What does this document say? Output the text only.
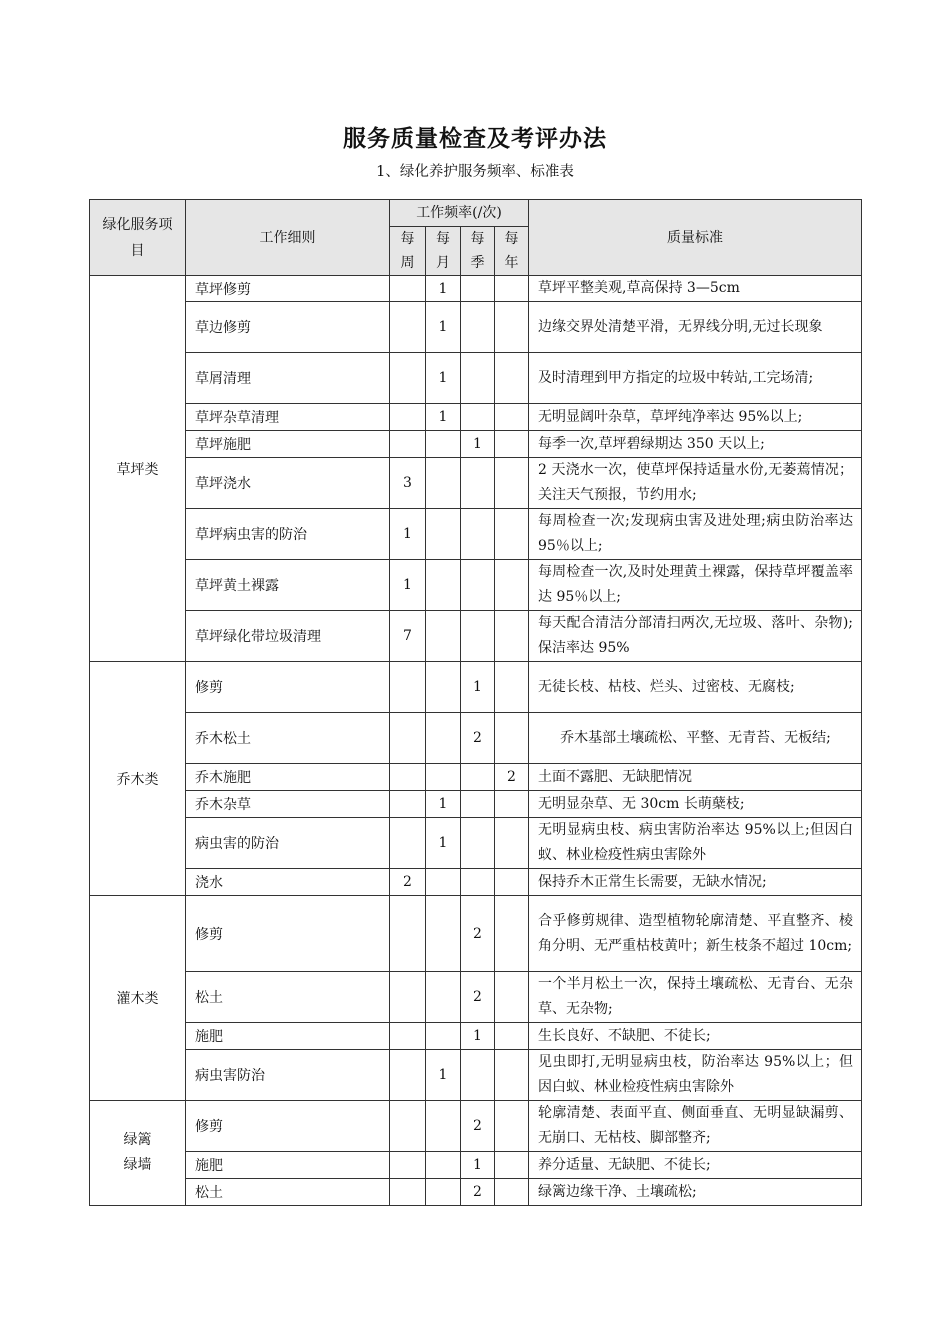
服务质量检查及考评办法
1、绿化养护服务频率、标准表
绿化服务项目	工作细则	工作频率(/次)				质量标准
		每周	每月	每季	每年	
草坪类	草坪修剪		1			草坪平整美观,草高保持 3—5cm
	草边修剪		1			边缘交界处清楚平滑，无界线分明,无过长现象
	草屑清理		1			及时清理到甲方指定的垃圾中转站,工完场清;
	草坪杂草清理		1			无明显阔叶杂草，草坪纯净率达 95%以上;
	草坪施肥			1		每季一次,草坪碧绿期达 350 天以上;
	草坪浇水	3				2 天浇水一次，使草坪保持适量水份,无萎蔫情况；关注天气预报，节约用水;
	草坪病虫害的防治	1				每周检查一次;发现病虫害及进处理;病虫防治率达 95％以上;
	草坪黄土裸露	1				每周检查一次,及时处理黄土裸露，保持草坪覆盖率达 95％以上;
	草坪绿化带垃圾清理	7				每天配合清洁分部清扫两次,无垃圾、落叶、杂物);保洁率达 95%
乔木类	修剪			1		无徒长枝、枯枝、烂头、过密枝、无腐枝;
	乔木松土			2		乔木基部土壤疏松、平整、无青苔、无板结;
	乔木施肥				2	土面不露肥、无缺肥情况
	乔木杂草		1			无明显杂草、无 30cm 长萌蘖枝;
	病虫害的防治		1			无明显病虫枝、病虫害防治率达 95%以上;但因白蚁、林业检疫性病虫害除外
	浇水	2				保持乔木正常生长需要，无缺水情况;
灌木类	修剪			2		合乎修剪规律、造型植物轮廓清楚、平直整齐、棱角分明、无严重枯枝黄叶；新生枝条不超过 10cm;
	松土			2		一个半月松土一次，保持土壤疏松、无青台、无杂草、无杂物;
	施肥			1		生长良好、不缺肥、不徒长;
	病虫害防治		1			见虫即打,无明显病虫枝，防治率达 95%以上；但因白蚁、林业检疫性病虫害除外

绿篱
绿墙	修剪			2		轮廓清楚、表面平直、侧面垂直、无明显缺漏剪、无崩口、无枯枝、脚部整齐;
	施肥			1		养分适量、无缺肥、不徒长;
	松土			2		绿篱边缘干净、土壤疏松;
